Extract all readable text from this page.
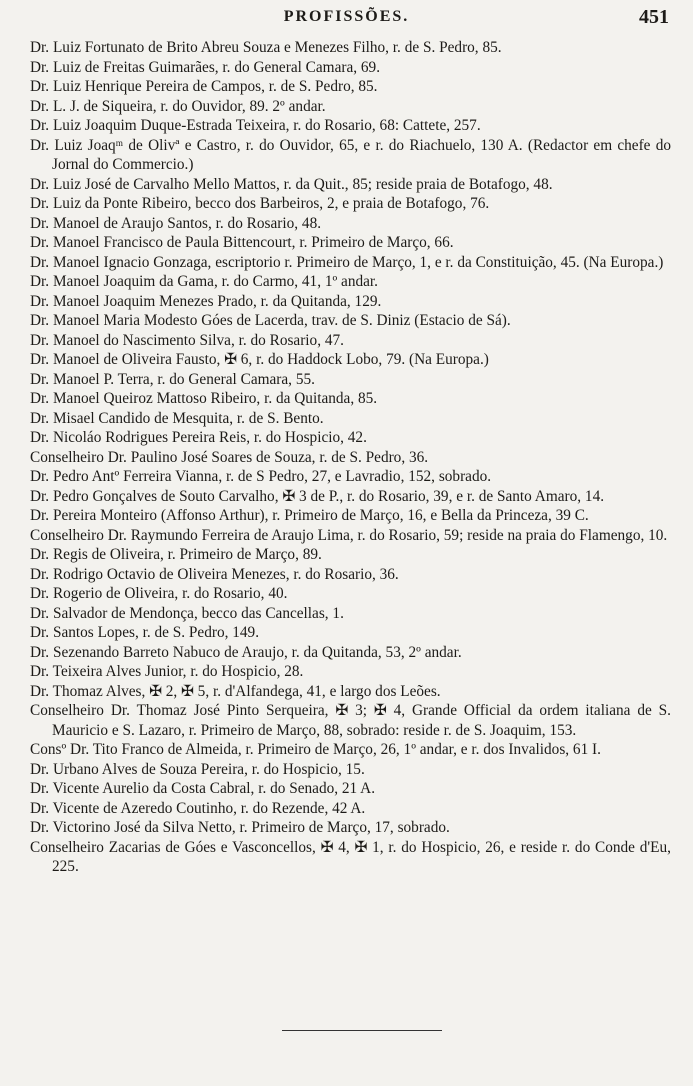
PROFISSÕES.	451

Dr. Luiz Fortunato de Brito Abreu Souza e Menezes Filho, r. de S. Pedro, 85.

Dr. Luiz de Freitas Guimarães, r. do General Camara, 69.

Dr. Luiz Henrique Pereira de Campos, r. de S. Pedro, 85.

Dr. L. J. de Siqueira, r. do Ouvidor, 89. 2º andar.

Dr. Luiz Joaquim Duque-Estrada Teixeira, r. do Rosario, 68: Cattete, 257.

Dr. Luiz Joaqᵐ de Olivª e Castro, r. do Ouvidor, 65, e r. do Riachuelo, 130 A. (Redactor em chefe do Jornal do Commercio.)

Dr. Luiz José de Carvalho Mello Mattos, r. da Quit., 85; reside praia de Botafogo, 48.

Dr. Luiz da Ponte Ribeiro, becco dos Barbeiros, 2, e praia de Botafogo, 76.

Dr. Manoel de Araujo Santos, r. do Rosario, 48.

Dr. Manoel Francisco de Paula Bittencourt, r. Primeiro de Março, 66.

Dr. Manoel Ignacio Gonzaga, escriptorio r. Primeiro de Março, 1, e r. da Constituição, 45. (Na Europa.)

Dr. Manoel Joaquim da Gama, r. do Carmo, 41, 1º andar.

Dr. Manoel Joaquim Menezes Prado, r. da Quitanda, 129.

Dr. Manoel Maria Modesto Góes de Lacerda, trav. de S. Diniz (Estacio de Sá).

Dr. Manoel do Nascimento Silva, r. do Rosario, 47.

Dr. Manoel de Oliveira Fausto, ✠ 6, r. do Haddock Lobo, 79. (Na Europa.)

Dr. Manoel P. Terra, r. do General Camara, 55.

Dr. Manoel Queiroz Mattoso Ribeiro, r. da Quitanda, 85.

Dr. Misael Candido de Mesquita, r. de S. Bento.

Dr. Nicoláo Rodrigues Pereira Reis, r. do Hospicio, 42.

Conselheiro Dr. Paulino José Soares de Souza, r. de S. Pedro, 36.

Dr. Pedro Antº Ferreira Vianna, r. de S Pedro, 27, e Lavradio, 152, sobrado.

Dr. Pedro Gonçalves de Souto Carvalho, ✠ 3 de P., r. do Rosario, 39, e r. de Santo Amaro, 14.

Dr. Pereira Monteiro (Affonso Arthur), r. Primeiro de Março, 16, e Bella da Princeza, 39 C.

Conselheiro Dr. Raymundo Ferreira de Araujo Lima, r. do Rosario, 59; reside na praia do Flamengo, 10.

Dr. Regis de Oliveira, r. Primeiro de Março, 89.

Dr. Rodrigo Octavio de Oliveira Menezes, r. do Rosario, 36.

Dr. Rogerio de Oliveira, r. do Rosario, 40.

Dr. Salvador de Mendonça, becco das Cancellas, 1.

Dr. Santos Lopes, r. de S. Pedro, 149.

Dr. Sezenando Barreto Nabuco de Araujo, r. da Quitanda, 53, 2º andar.

Dr. Teixeira Alves Junior, r. do Hospicio, 28.

Dr. Thomaz Alves, ✠ 2, ✠ 5, r. d'Alfandega, 41, e largo dos Leões.

Conselheiro Dr. Thomaz José Pinto Serqueira, ✠ 3; ✠ 4, Grande Official da ordem italiana de S. Mauricio e S. Lazaro, r. Primeiro de Março, 88, sobrado: reside r. de S. Joaquim, 153.

Consº Dr. Tito Franco de Almeida, r. Primeiro de Março, 26, 1º andar, e r. dos Invalidos, 61 I.

Dr. Urbano Alves de Souza Pereira, r. do Hospicio, 15.

Dr. Vicente Aurelio da Costa Cabral, r. do Senado, 21 A.

Dr. Vicente de Azeredo Coutinho, r. do Rezende, 42 A.

Dr. Victorino José da Silva Netto, r. Primeiro de Março, 17, sobrado.

Conselheiro Zacarias de Góes e Vasconcellos, ✠ 4, ✠ 1, r. do Hospicio, 26, e reside r. do Conde d'Eu, 225.
